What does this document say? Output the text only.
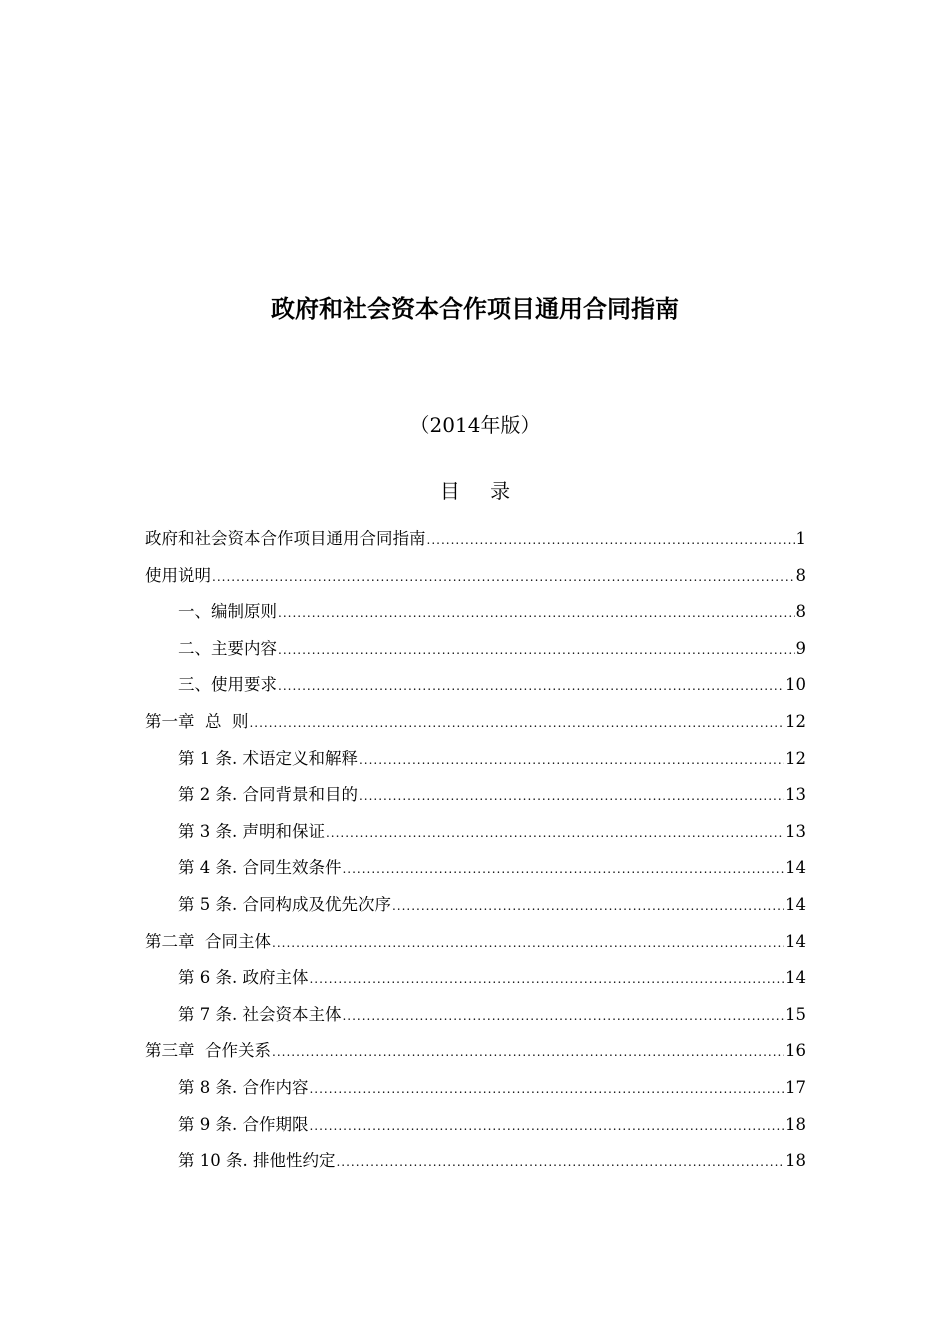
政府和社会资本合作项目通用合同指南
（2014年版）
目 录
政府和社会资本合作项目通用合同指南 .....	1
使用说明 .....	8
一、编制原则 .....	8
二、主要内容 .....	9
三、使用要求 .....	10
第一章  总  则 .....	12
第 1 条. 术语定义和解释 .....	12
第 2 条. 合同背景和目的 .....	13
第 3 条. 声明和保证 .....	13
第 4 条. 合同生效条件 .....	14
第 5 条. 合同构成及优先次序 .....	14
第二章  合同主体 .....	14
第 6 条. 政府主体 .....	14
第 7 条. 社会资本主体 .....	15
第三章  合作关系 .....	16
第 8 条. 合作内容 .....	17
第 9 条. 合作期限 .....	18
第 10 条. 排他性约定 .....	18
